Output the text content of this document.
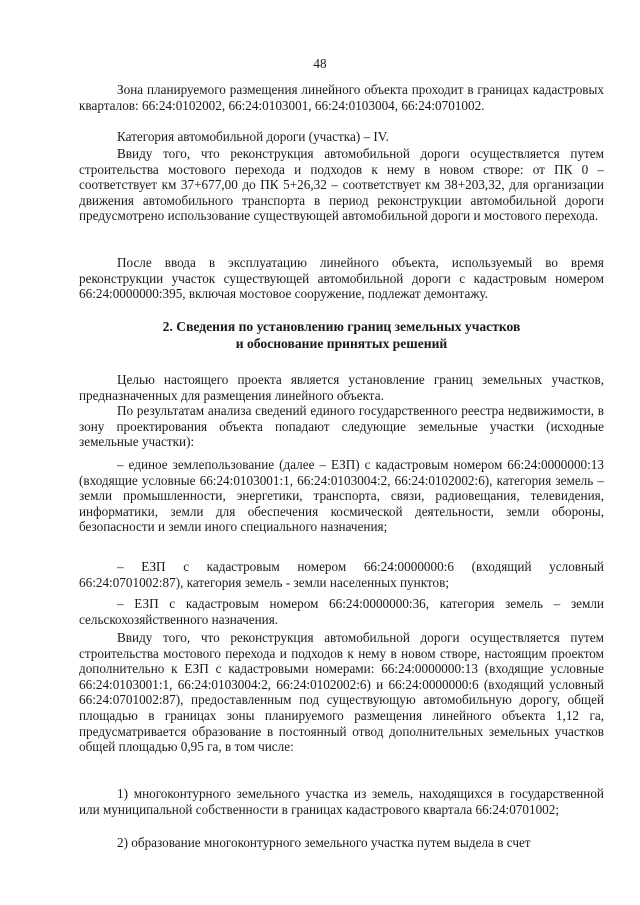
48

Зона планируемого размещения линейного объекта проходит в границах кадастровых кварталов: 66:24:0102002, 66:24:0103001, 66:24:0103004, 66:24:0701002.

Категория автомобильной дороги (участка) – IV.

Ввиду того, что реконструкция автомобильной дороги осуществляется путем строительства мостового перехода и подходов к нему в новом створе: от ПК 0 – соответствует км 37+677,00 до ПК 5+26,32 – соответствует км 38+203,32, для организации движения автомобильного транспорта в период реконструкции автомобильной дороги предусмотрено использование существующей автомобильной дороги и мостового перехода.

После ввода в эксплуатацию линейного объекта, используемый во время реконструкции участок существующей автомобильной дороги с кадастровым номером 66:24:0000000:395, включая мостовое сооружение, подлежат демонтажу.

2. Сведения по установлению границ земельных участков
и обоснование принятых решений

Целью настоящего проекта является установление границ земельных участков, предназначенных для размещения линейного объекта.

По результатам анализа сведений единого государственного реестра недвижимости, в зону проектирования объекта попадают следующие земельные участки (исходные земельные участки):

– единое землепользование (далее – ЕЗП) с кадастровым номером 66:24:0000000:13 (входящие условные 66:24:0103001:1, 66:24:0103004:2, 66:24:0102002:6), категория земель – земли промышленности, энергетики, транспорта, связи, радиовещания, телевидения, информатики, земли для обеспечения космической деятельности, земли обороны, безопасности и земли иного специального назначения;

– ЕЗП с кадастровым номером 66:24:0000000:6 (входящий условный 66:24:0701002:87), категория земель - земли населенных пунктов;

– ЕЗП с кадастровым номером 66:24:0000000:36, категория земель – земли сельскохозяйственного назначения.

Ввиду того, что реконструкция автомобильной дороги осуществляется путем строительства мостового перехода и подходов к нему в новом створе, настоящим проектом дополнительно к ЕЗП с кадастровыми номерами: 66:24:0000000:13 (входящие условные 66:24:0103001:1, 66:24:0103004:2, 66:24:0102002:6) и 66:24:0000000:6 (входящий условный 66:24:0701002:87), предоставленным под существующую автомобильную дорогу, общей площадью в границах зоны планируемого размещения линейного объекта 1,12 га, предусматривается образование в постоянный отвод дополнительных земельных участков общей площадью 0,95 га, в том числе:

1) многоконтурного земельного участка из земель, находящихся в государственной или муниципальной собственности в границах кадастрового квартала 66:24:0701002;

2) образование многоконтурного земельного участка путем выдела в счет
